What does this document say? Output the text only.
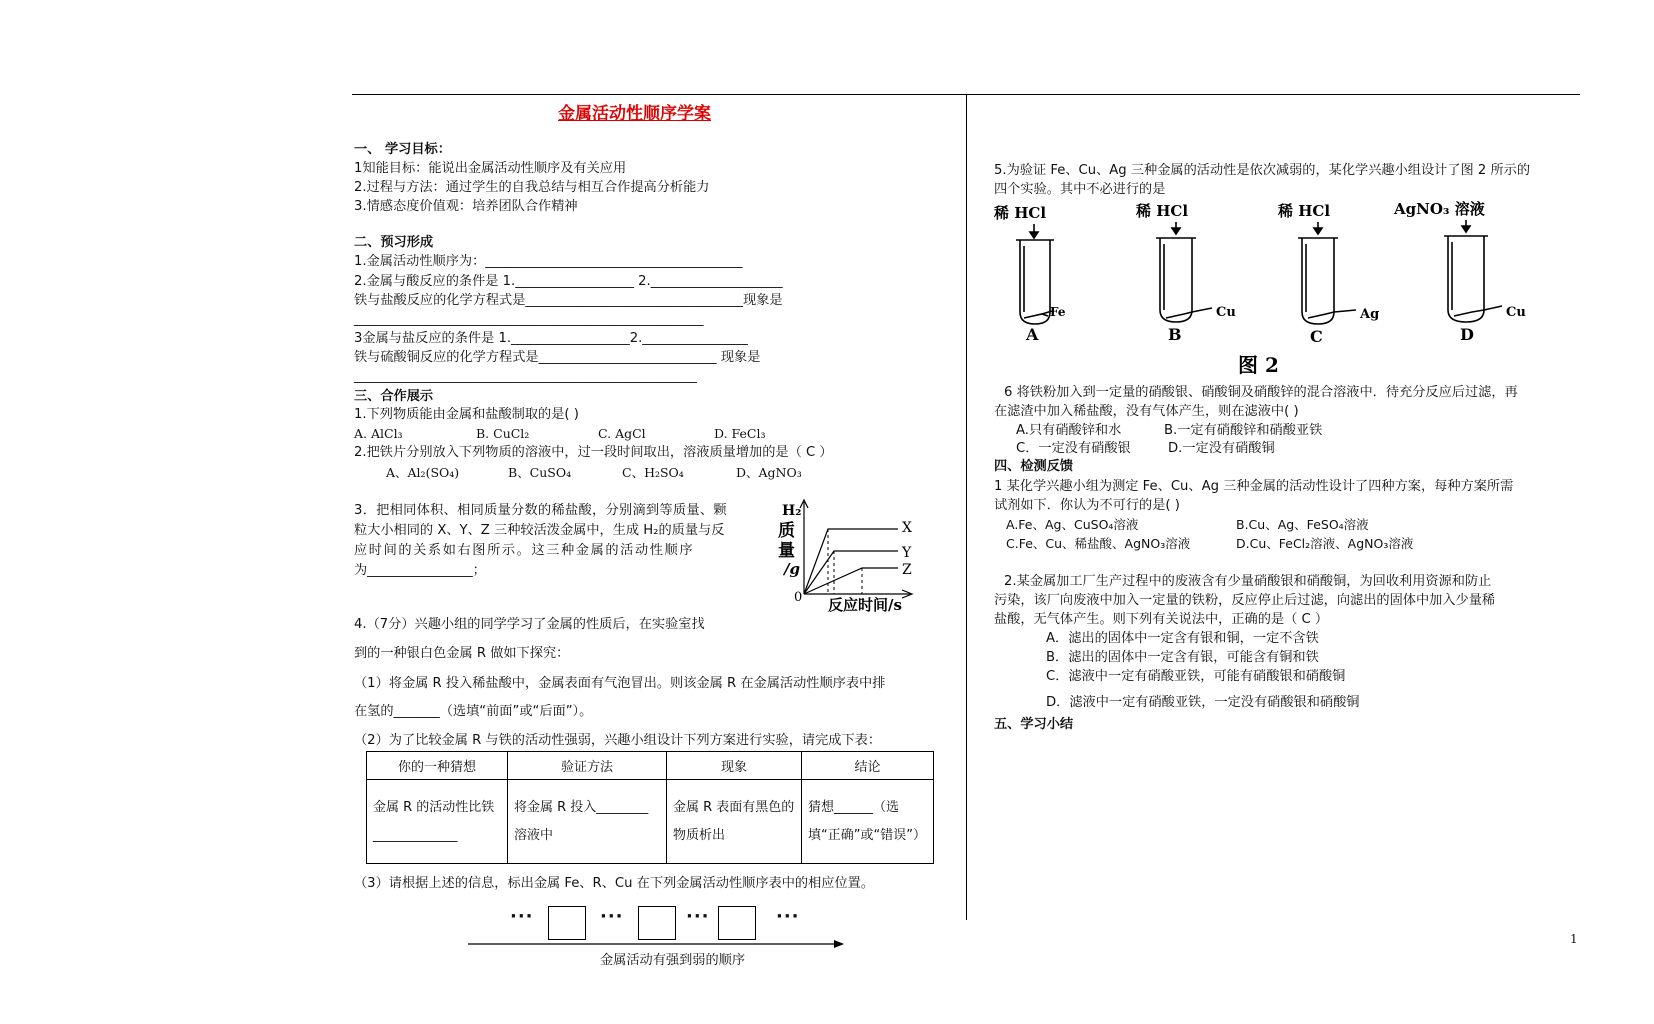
金属活动性顺序学案
一、 学习目标：
1知能目标：能说出金属活动性顺序及有关应用
2.过程与方法：通过学生的自我总结与相互合作提高分析能力
3.情感态度价值观：培养团队合作精神
二、预习形成
1.金属活动性顺序为：_______________________________________
2.金属与酸反应的条件是 1.__________________ 2.____________________
铁与盐酸反应的化学方程式是_________________________________现象是
_____________________________________________________
3金属与盐反应的条件是 1.__________________2.________________
铁与硫酸铜反应的化学方程式是___________________________ 现象是
____________________________________________________
三、合作展示
1.下列物质能由金属和盐酸制取的是( )
A. AlCl₃	B. CuCl₂	C. AgCl	D. FeCl₃
2.把铁片分别放入下列物质的溶液中，过一段时间取出，溶液质量增加的是（ C ）
A、Al₂(SO₄)	B、CuSO₄	C、H₂SO₄	D、AgNO₃
3．把相同体积、相同质量分数的稀盐酸，分别滴到等质量、颗
粒大小相同的 X、Y、Z 三种较活泼金属中，生成 H₂的质量与反
应时间的关系如右图所示。这三种金属的活动性顺序
为________________；
H₂
质
量
/g
0 反应时间/s
X
Y
Z
4.（7分）兴趣小组的同学学习了金属的性质后，在实验室找
到的一种银白色金属 R 做如下探究：
（1）将金属 R 投入稀盐酸中，金属表面有气泡冒出。则该金属 R 在金属活动性顺序表中排
在氢的_______（选填“前面”或“后面”）。
（2）为了比较金属 R 与铁的活动性强弱，兴趣小组设计下列方案进行实验，请完成下表：
你的一种猜想	验证方法	现象	结论
金属 R 的活动性比铁_____________	将金属 R 投入________溶液中	金属 R 表面有黑色的物质析出	猜想______（选填“正确”或“错误”）
（3）请根据上述的信息，标出金属 Fe、R、Cu 在下列金属活动性顺序表中的相应位置。
···	···	···	···
金属活动有强到弱的顺序
5.为验证 Fe、Cu、Ag 三种金属的活动性是依次减弱的，某化学兴趣小组设计了图 2 所示的
四个实验。其中不必进行的是
稀 HCl	稀 HCl	稀 HCl	AgNO₃ 溶液
Fe	Cu	Ag	Cu
A	B	C	D
图 2
6 将铁粉加入到一定量的硝酸银、硝酸铜及硝酸锌的混合溶液中．待充分反应后过滤，再
在滤渣中加入稀盐酸，没有气体产生，则在滤液中( )
A.只有硝酸锌和水	B.一定有硝酸锌和硝酸亚铁
C．一定没有硝酸银	D.一定没有硝酸铜
四、检测反馈
1 某化学兴趣小组为测定 Fe、Cu、Ag 三种金属的活动性设计了四种方案，每种方案所需
试剂如下．你认为不可行的是( )
A.Fe、Ag、CuSO₄溶液	B.Cu、Ag、FeSO₄溶液
C.Fe、Cu、稀盐酸、AgNO₃溶液	D.Cu、FeCl₂溶液、AgNO₃溶液
2.某金属加工厂生产过程中的废液含有少量硝酸银和硝酸铜，为回收利用资源和防止
污染，该厂向废液中加入一定量的铁粉，反应停止后过滤，向滤出的固体中加入少量稀
盐酸，无气体产生。则下列有关说法中，正确的是（ C ）
A．滤出的固体中一定含有银和铜，一定不含铁
B．滤出的固体中一定含有银，可能含有铜和铁
C．滤液中一定有硝酸亚铁，可能有硝酸银和硝酸铜
D．滤液中一定有硝酸亚铁，一定没有硝酸银和硝酸铜
五、学习小结
1
